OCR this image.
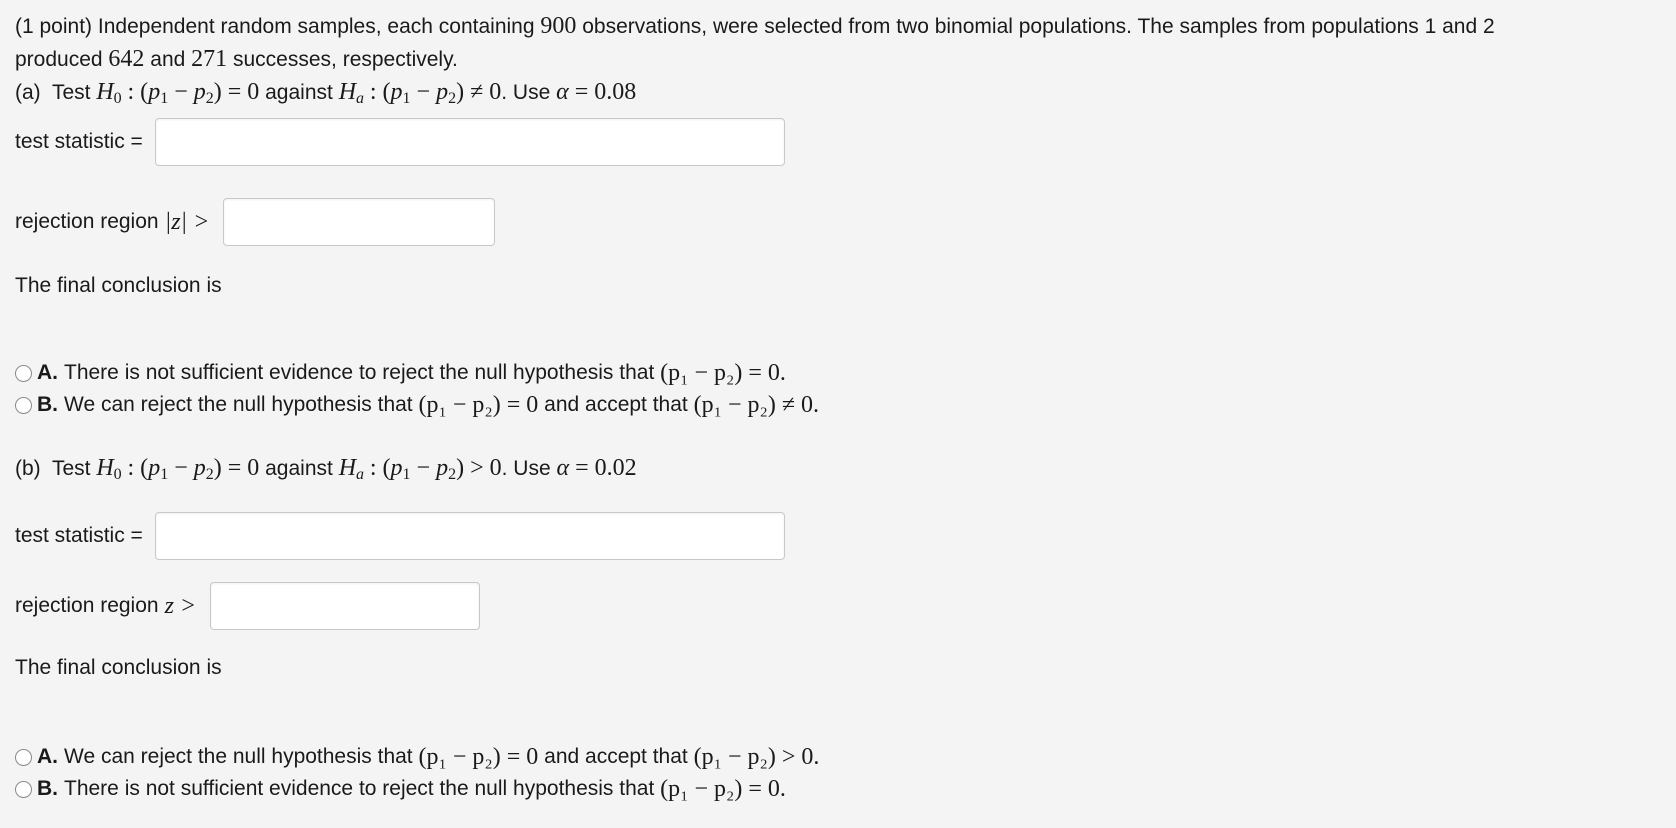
(1 point) Independent random samples, each containing 900 observations, were selected from two binomial populations. The samples from populations 1 and 2
produced 642 and 271 successes, respectively.
(a) Test $H_0$ : $(p_1 - p_2) = 0$ against Ha : $(p_1 - p_2) \ne 0$. Use α = 0.08
test statistic =
rejection region |z| >
The final conclusion is
A. There is not sufficient evidence to reject the null hypothesis that
(p₁ − p₂) = 0.
B. We can reject the null hypothesis that
(p₁ − p₂) = 0
and accept that
(p₁ − p₂) ≠ 0.
(b) Test $H_0$ : $(p_1 - p_2) = 0$ against Ha : $(p_1 - p_2) > 0$. Use α = 0.02
test statistic =
rejection region z >
The final conclusion is
A. We can reject the null hypothesis that
(p₁ − p₂) = 0
and accept that
(p₁ − p₂) > 0.
B. There is not sufficient evidence to reject the null hypothesis that
(p₁ − p₂) = 0.
